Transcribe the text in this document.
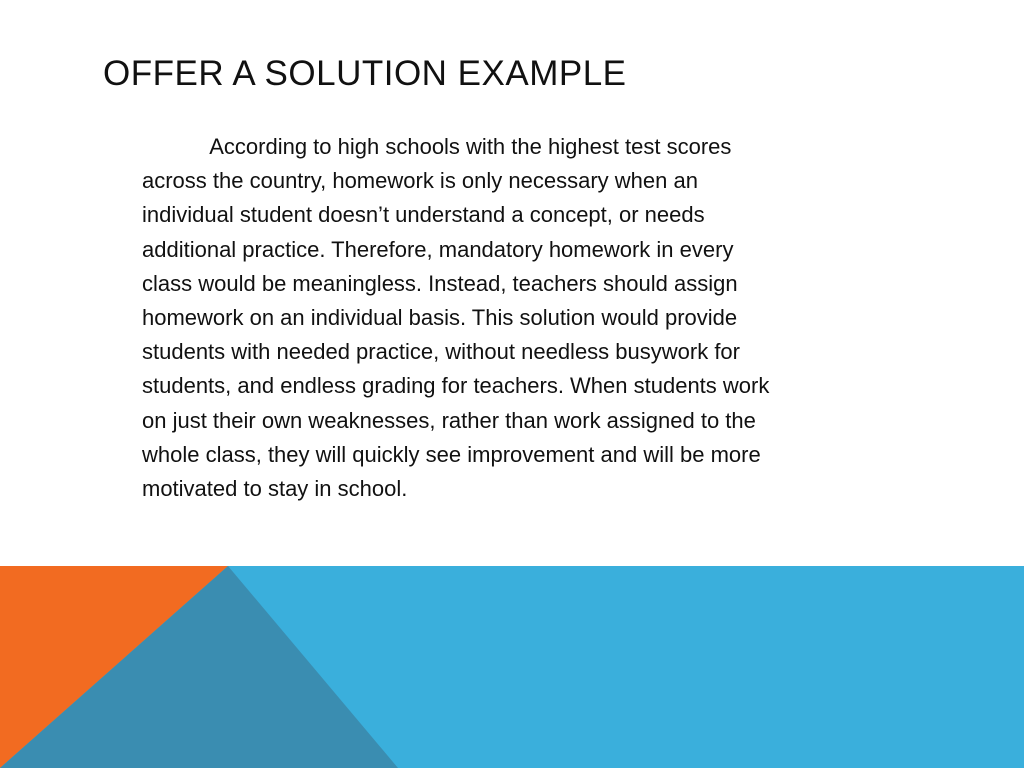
OFFER A SOLUTION EXAMPLE

According to high schools with the highest test scores
across the country, homework is only necessary when an
individual student doesn’t understand a concept, or needs
additional practice. Therefore, mandatory homework in every
class would be meaningless. Instead, teachers should assign
homework on an individual basis. This solution would provide
students with needed practice, without needless busywork for
students, and endless grading for teachers. When students work
on just their own weaknesses, rather than work assigned to the
whole class, they will quickly see improvement and will be more
motivated to stay in school.
